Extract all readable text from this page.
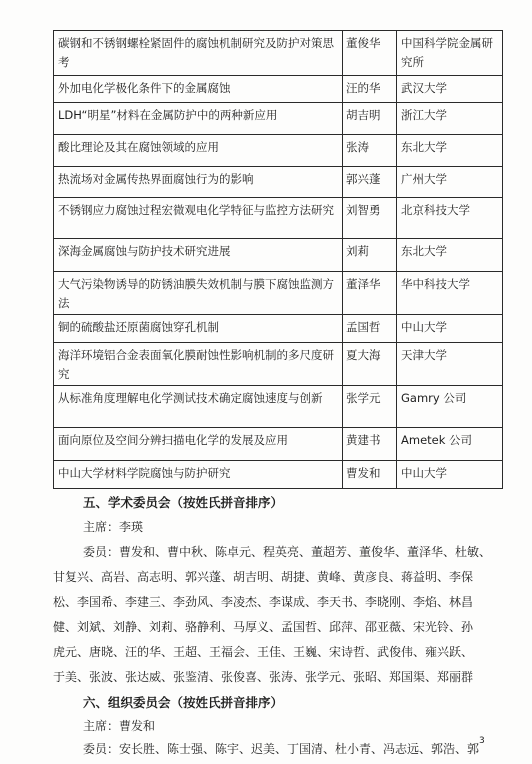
碳钢和不锈钢螺栓紧固件的腐蚀机制研究及防护对策思考	董俊华	中国科学院金属研究所
外加电化学极化条件下的金属腐蚀	汪的华	武汉大学
LDH“明星”材料在金属防护中的两种新应用	胡吉明	浙江大学
酸比理论及其在腐蚀领域的应用	张涛	东北大学
热流场对金属传热界面腐蚀行为的影响	郭兴蓬	广州大学
不锈钢应力腐蚀过程宏微观电化学特征与监控方法研究	刘智勇	北京科技大学
深海金属腐蚀与防护技术研究进展	刘莉	东北大学
大气污染物诱导的防锈油膜失效机制与膜下腐蚀监测方法	董泽华	华中科技大学
铜的硫酸盐还原菌腐蚀穿孔机制	孟国哲	中山大学
海洋环境铝合金表面氧化膜耐蚀性影响机制的多尺度研究	夏大海	天津大学
从标准角度理解电化学测试技术确定腐蚀速度与创新	张学元	Gamry 公司
面向原位及空间分辨扫描电化学的发展及应用	黄建书	Ametek 公司
中山大学材料学院腐蚀与防护研究	曹发和	中山大学
五、学术委员会（按姓氏拼音排序）
主席：李瑛
委员：曹发和、曹中秋、陈卓元、程英亮、董超芳、董俊华、董泽华、杜敏、
甘复兴、高岩、高志明、郭兴蓬、胡吉明、胡捷、黄峰、黄彦良、蒋益明、李保
松、李国希、李建三、李劲风、李凌杰、李谋成、李天书、李晓刚、李焰、林昌
健、刘斌、刘静、刘莉、骆静利、马厚义、孟国哲、邱萍、邵亚薇、宋光铃、孙
虎元、唐晓、汪的华、王超、王福会、王佳、王巍、宋诗哲、武俊伟、雍兴跃、
于美、张波、张达威、张鉴清、张俊喜、张涛、张学元、张昭、郑国渠、郑丽群
六、组织委员会（按姓氏拼音排序）
主席：曹发和
委员：安长胜、陈士强、陈宇、迟美、丁国清、杜小青、冯志远、郭浩、郭
3
